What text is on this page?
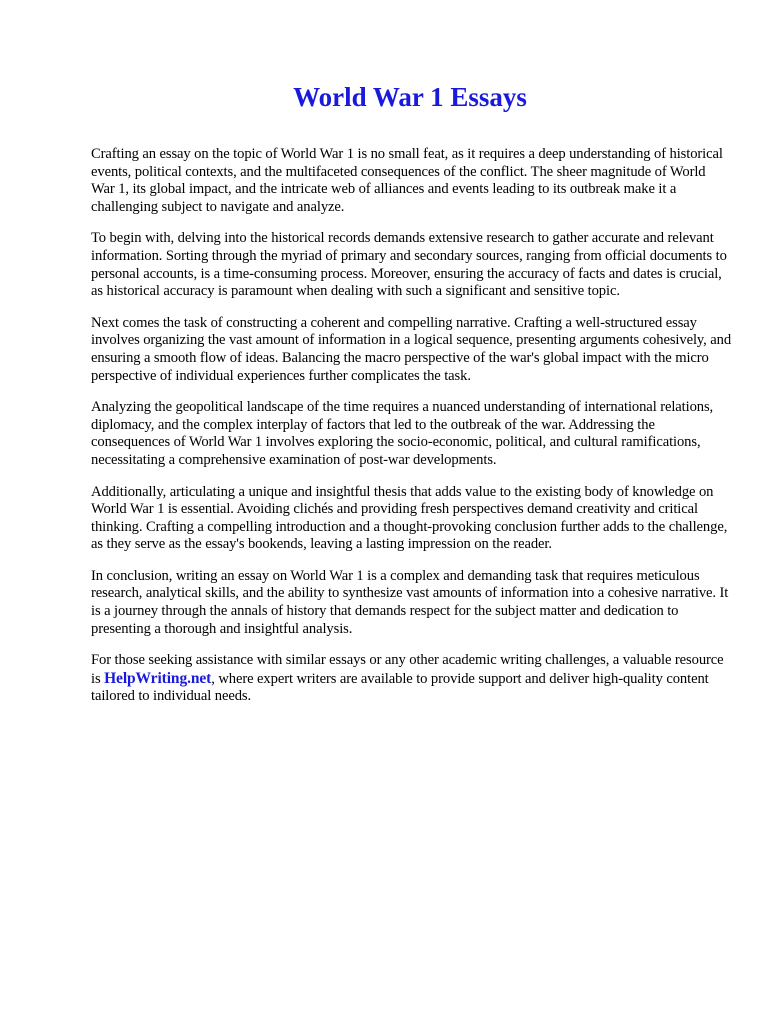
World War 1 Essays

Crafting an essay on the topic of World War 1 is no small feat, as it requires a deep understanding of historical events, political contexts, and the multifaceted consequences of the conflict. The sheer magnitude of World War 1, its global impact, and the intricate web of alliances and events leading to its outbreak make it a challenging subject to navigate and analyze.

To begin with, delving into the historical records demands extensive research to gather accurate and relevant information. Sorting through the myriad of primary and secondary sources, ranging from official documents to personal accounts, is a time-consuming process. Moreover, ensuring the accuracy of facts and dates is crucial, as historical accuracy is paramount when dealing with such a significant and sensitive topic.

Next comes the task of constructing a coherent and compelling narrative. Crafting a well-structured essay involves organizing the vast amount of information in a logical sequence, presenting arguments cohesively, and ensuring a smooth flow of ideas. Balancing the macro perspective of the war's global impact with the micro perspective of individual experiences further complicates the task.

Analyzing the geopolitical landscape of the time requires a nuanced understanding of international relations, diplomacy, and the complex interplay of factors that led to the outbreak of the war. Addressing the consequences of World War 1 involves exploring the socio-economic, political, and cultural ramifications, necessitating a comprehensive examination of post-war developments.

Additionally, articulating a unique and insightful thesis that adds value to the existing body of knowledge on World War 1 is essential. Avoiding clichés and providing fresh perspectives demand creativity and critical thinking. Crafting a compelling introduction and a thought-provoking conclusion further adds to the challenge, as they serve as the essay's bookends, leaving a lasting impression on the reader.

In conclusion, writing an essay on World War 1 is a complex and demanding task that requires meticulous research, analytical skills, and the ability to synthesize vast amounts of information into a cohesive narrative. It is a journey through the annals of history that demands respect for the subject matter and dedication to presenting a thorough and insightful analysis.

For those seeking assistance with similar essays or any other academic writing challenges, a valuable resource is HelpWriting.net, where expert writers are available to provide support and deliver high-quality content tailored to individual needs.
